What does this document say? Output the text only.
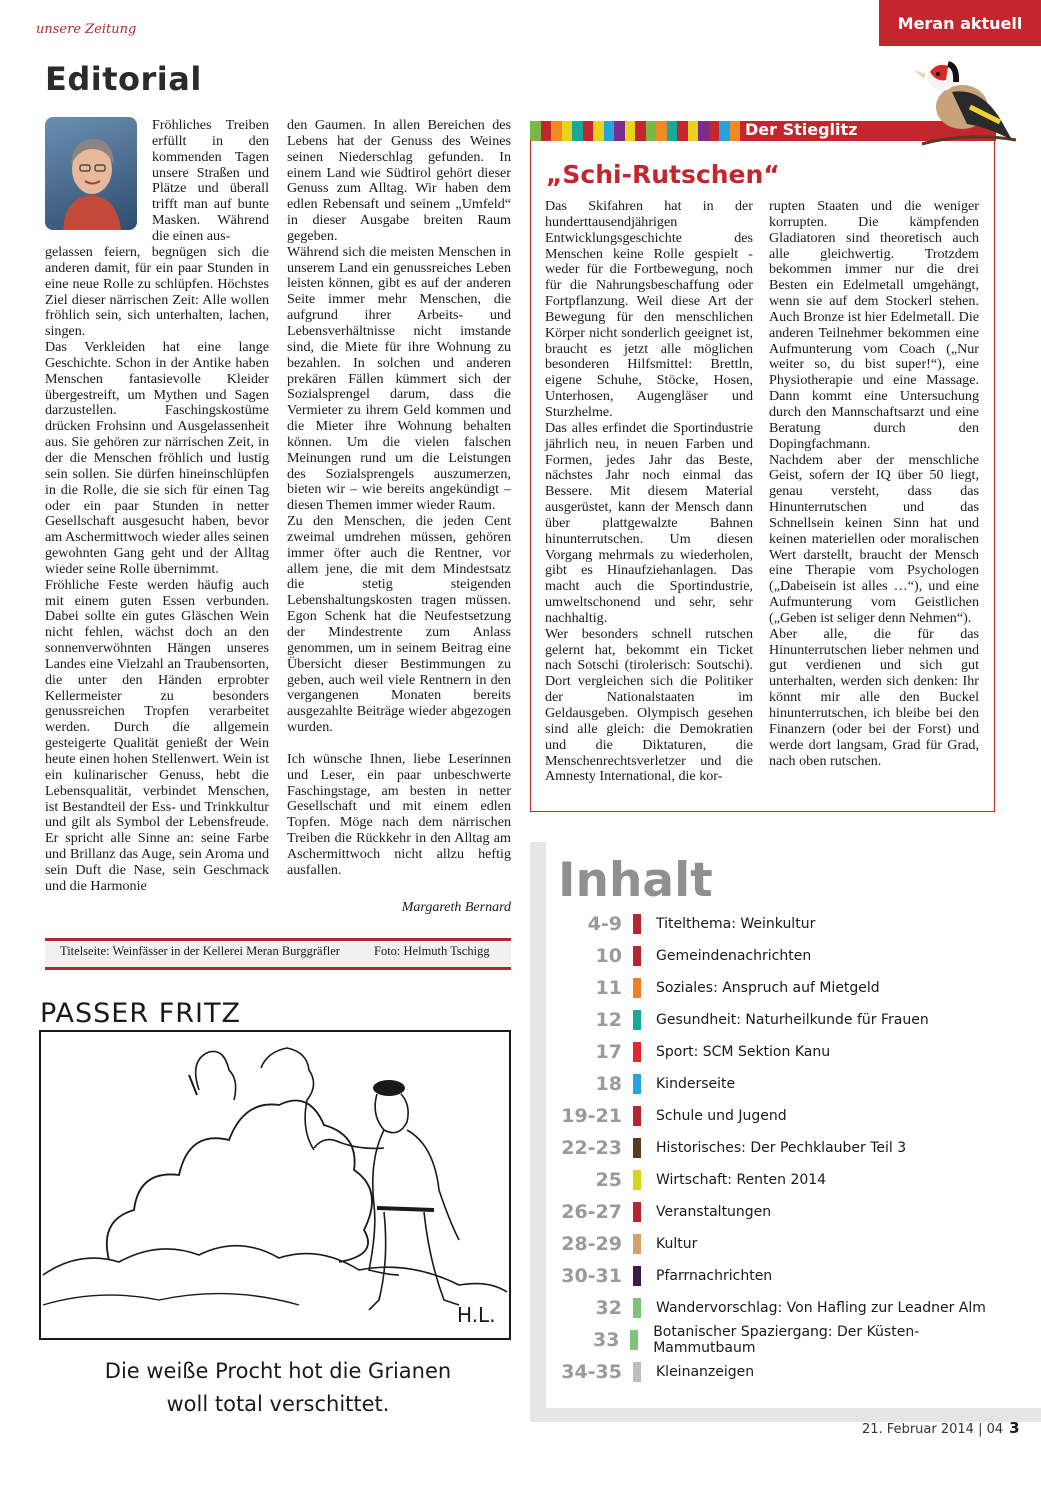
unsere Zeitung	Meran aktuell
Editorial

Fröhliches Treiben erfüllt in den kommenden Tagen unsere Straßen und Plätze und überall trifft man auf bunte Masken. Während die einen aus-

gelassen feiern, begnügen sich die anderen damit, für ein paar Stunden in eine neue Rolle zu schlüpfen. Höchstes Ziel dieser närrischen Zeit: Alle wollen fröhlich sein, sich unterhalten, lachen, singen.

Das Verkleiden hat eine lange Geschichte. Schon in der Antike haben Menschen fantasievolle Kleider übergestreift, um Mythen und Sagen darzustellen. Faschingskostüme drücken Frohsinn und Ausgelassenheit aus. Sie gehören zur närrischen Zeit, in der die Menschen fröhlich und lustig sein sollen. Sie dürfen hineinschlüpfen in die Rolle, die sie sich für einen Tag oder ein paar Stunden in netter Gesellschaft ausgesucht haben, bevor am Aschermittwoch wieder alles seinen gewohnten Gang geht und der Alltag wieder seine Rolle übernimmt.

Fröhliche Feste werden häufig auch mit einem guten Essen verbunden. Dabei sollte ein gutes Gläschen Wein nicht fehlen, wächst doch an den sonnenverwöhnten Hängen unseres Landes eine Vielzahl an Traubensorten, die unter den Händen erprobter Kellermeister zu besonders genussreichen Tropfen verarbeitet werden. Durch die allgemein gesteigerte Qualität genießt der Wein heute einen hohen Stellenwert. Wein ist ein kulinarischer Genuss, hebt die Lebensqualität, verbindet Menschen, ist Bestandteil der Ess- und Trinkkultur und gilt als Symbol der Lebensfreude. Er spricht alle Sinne an: seine Farbe und Brillanz das Auge, sein Aroma und sein Duft die Nase, sein Geschmack und die Harmonie

den Gaumen. In allen Bereichen des Lebens hat der Genuss des Weines seinen Niederschlag gefunden. In einem Land wie Südtirol gehört dieser Genuss zum Alltag. Wir haben dem edlen Rebensaft und seinem „Umfeld“ in dieser Ausgabe breiten Raum gegeben.

Während sich die meisten Menschen in unserem Land ein genussreiches Leben leisten können, gibt es auf der anderen Seite immer mehr Menschen, die aufgrund ihrer Arbeits- und Lebensverhältnisse nicht imstande sind, die Miete für ihre Wohnung zu bezahlen. In solchen und anderen prekären Fällen kümmert sich der Sozialsprengel darum, dass die Vermieter zu ihrem Geld kommen und die Mieter ihre Wohnung behalten können. Um die vielen falschen Meinungen rund um die Leistungen des Sozialsprengels auszumerzen, bieten wir – wie bereits angekündigt – diesen Themen immer wieder Raum.

Zu den Menschen, die jeden Cent zweimal umdrehen müssen, gehören immer öfter auch die Rentner, vor allem jene, die mit dem Mindestsatz die stetig steigenden Lebenshaltungskosten tragen müssen. Egon Schenk hat die Neufestsetzung der Mindestrente zum Anlass genommen, um in seinem Beitrag eine Übersicht dieser Bestimmungen zu geben, auch weil viele Rentnern in den vergangenen Monaten bereits ausgezahlte Beiträge wieder abgezogen wurden.

Ich wünsche Ihnen, liebe Leserinnen und Leser, ein paar unbeschwerte Faschingstage, am besten in netter Gesellschaft und mit einem edlen Topfen. Möge nach dem närrischen Treiben die Rückkehr in den Alltag am Aschermittwoch nicht allzu heftig ausfallen.

Margareth Bernard
Titelseite: Weinfässer in der Kellerei Meran Burggräfler	Foto: Helmuth Tschigg
PASSER FRITZ
H.L.
Die weiße Procht hot die Grianen
woll total verschittet.
Der Stieglitz
„Schi-Rutschen“

Das Skifahren hat in der hunderttausendjährigen Entwicklungsgeschichte des Menschen keine Rolle gespielt - weder für die Fortbewegung, noch für die Nahrungsbeschaffung oder Fortpflanzung. Weil diese Art der Bewegung für den menschlichen Körper nicht sonderlich geeignet ist, braucht es jetzt alle möglichen besonderen Hilfsmittel: Brettln, eigene Schuhe, Stöcke, Hosen, Unterhosen, Augengläser und Sturzhelme.

Das alles erfindet die Sportindustrie jährlich neu, in neuen Farben und Formen, jedes Jahr das Beste, nächstes Jahr noch einmal das Bessere. Mit diesem Material ausgerüstet, kann der Mensch dann über plattgewalzte Bahnen hinunterrutschen. Um diesen Vorgang mehrmals zu wiederholen, gibt es Hinaufziehanlagen. Das macht auch die Sportindustrie, umweltschonend und sehr, sehr nachhaltig.

Wer besonders schnell rutschen gelernt hat, bekommt ein Ticket nach Sotschi (tirolerisch: Soutschi). Dort vergleichen sich die Politiker der Nationalstaaten im Geldausgeben. Olympisch gesehen sind alle gleich: die Demokratien und die Diktaturen, die Menschenrechtsverletzer und die Amnesty International, die kor-

rupten Staaten und die weniger korrupten. Die kämpfenden Gladiatoren sind theoretisch auch alle gleichwertig. Trotzdem bekommen immer nur die drei Besten ein Edelmetall umgehängt, wenn sie auf dem Stockerl stehen. Auch Bronze ist hier Edelmetall. Die anderen Teilnehmer bekommen eine Aufmunterung vom Coach („Nur weiter so, du bist super!“), eine Physiotherapie und eine Massage. Dann kommt eine Untersuchung durch den Mannschaftsarzt und eine Beratung durch den Dopingfachmann.

Nachdem aber der menschliche Geist, sofern der IQ über 50 liegt, genau versteht, dass das Hinunterrutschen und das Schnellsein keinen Sinn hat und keinen materiellen oder moralischen Wert darstellt, braucht der Mensch eine Therapie vom Psychologen („Dabeisein ist alles …“), und eine Aufmunterung vom Geistlichen („Geben ist seliger denn Nehmen“).

Aber alle, die für das Hinunterrutschen lieber nehmen und gut verdienen und sich gut unterhalten, werden sich denken: Ihr könnt mir alle den Buckel hinunterrutschen, ich bleibe bei den Finanzern (oder bei der Forst) und werde dort langsam, Grad für Grad, nach oben rutschen.

Inhalt
4-9 Titelthema: Weinkultur
10 Gemeindenachrichten
11 Soziales: Anspruch auf Mietgeld
12 Gesundheit: Naturheilkunde für Frauen
17 Sport: SCM Sektion Kanu
18 Kinderseite
19-21 Schule und Jugend
22-23 Historisches: Der Pechklauber Teil 3
25 Wirtschaft: Renten 2014
26-27 Veranstaltungen
28-29 Kultur
30-31 Pfarrnachrichten
32 Wandervorschlag: Von Hafling zur Leadner Alm
33 Botanischer Spaziergang: Der Küsten-Mammutbaum
34-35 Kleinanzeigen
21. Februar 2014 | 04 3
